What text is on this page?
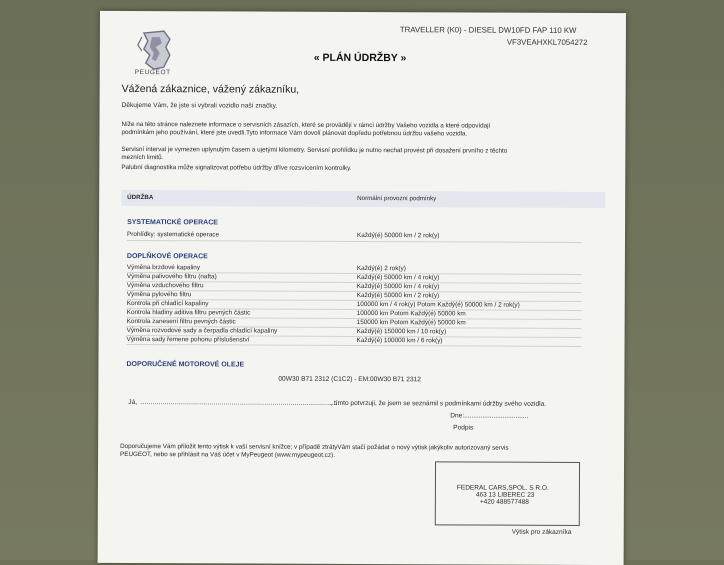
PEUGEOT
TRAVELLER (K0) - DIESEL DW10FD FAP 110 KW
VF3VEAHXKL7054272
« PLÁN ÚDRŽBY »
Vážená zákaznice, vážený zákazníku,
Děkujeme Vám, že jste si vybrali vozidlo naší značky.
Níže na této stránce naleznete informace o servisních zásazích, které se provádějí v rámci údržby Vašeho vozidla a které odpovídají
podmínkám jeho používání, které jste uvedli.Tyto informace Vám dovolí plánovat dopředu potřebnou údržbu vašeho vozidla.
Servisní interval je vymezen uplynulým časem a ujetými kilometry. Servisní prohlídku je nutno nechat provést při dosažení prvního z těchto
mezních limitů.
Palubní diagnostika může signalizovat potřebu údržby dříve rozsvícením kontrolky.
ÚDRŽBA	Normální provozní podmínky
SYSTEMATICKÉ OPERACE
Prohlídky: systematické operace	Každý(é) 50000 km / 2 rok(y)
DOPLŇKOVÉ OPERACE
Výměna brzdové kapaliny	Každý(é) 2 rok(y)
Výměna palivového filtru (nafta)	Každý(é) 50000 km / 4 rok(y)
Výměna vzduchového filtru	Každý(é) 50000 km / 4 rok(y)
Výměna pylového filtru	Každý(é) 50000 km / 2 rok(y)
Kontrola při chladící kapaliny	100000 km / 4 rok(y) Potom Každý(é) 50000 km / 2 rok(y)
Kontrola hladiny aditiva filtru pevných částic	100000 km Potom Každý(é) 50000 km
Kontrola zanesení filtru pevných částic	150000 km Potom Každý(é) 50000 km
Výměna rozvodové sady a čerpadla chladící kapaliny	Každý(é) 150000 km / 10 rok(y)
Výměna sady řemene pohonu příslušenství	Každý(é) 100000 km / 6 rok(y)
DOPORUČENÉ MOTOROVÉ OLEJE
00W30 B71 2312 (C1C2) - EM:00W30 B71 2312
Já, ..................................................................................................
, tímto potvrzuji, že jsem se seznámil s podmínkami údržby svého vozidla.
Dne:...................................
Podpis
Doporučujeme Vám přiložit tento výtisk k vaší servisní knížce; v případě ztrátyVám stačí požádat o nový výtisk jakýkoliv autorizovaný servis
PEUGEOT, nebo se přihlásit na Váš účet v MyPeugeot (www.mypeugeot.cz).
FEDERAL CARS,SPOL. S R.O.
463 13 LIBEREC 23
+420 488577488
Výtisk pro zákazníka
